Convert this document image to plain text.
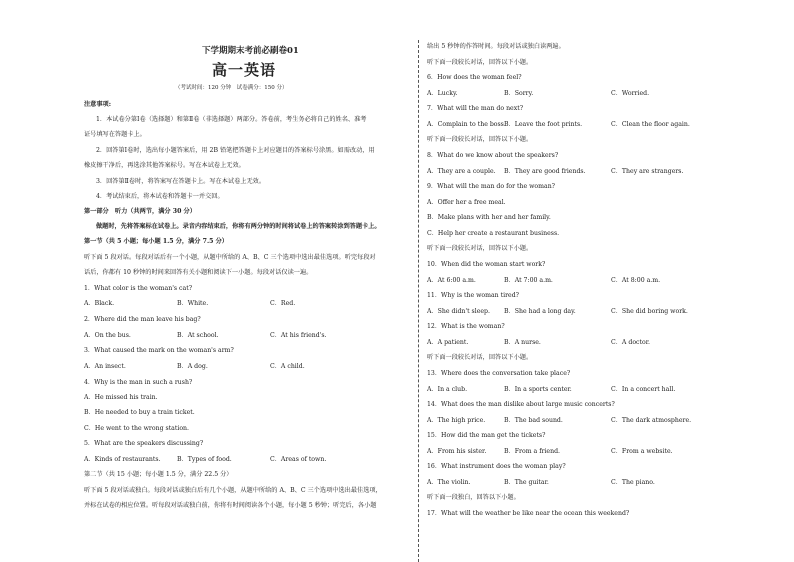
下学期期末考前必刷卷01
高一英语
（考试时间：120 分钟　试卷满分：150 分）
注意事项:
1．本试卷分第Ⅰ卷（选择题）和第Ⅱ卷（非选择题）两部分。答卷前，考生务必将自己的姓名、准考
证号填写在答题卡上。
2．回答第Ⅰ卷时，选出每小题答案后，用 2B 铅笔把答题卡上对应题目的答案标号涂黑。如需改动，用
橡皮擦干净后，再选涂其他答案标号。写在本试卷上无效。
3．回答第Ⅱ卷时，将答案写在答题卡上。写在本试卷上无效。
4．考试结束后，将本试卷和答题卡一并交回。
第一部分　听力（共两节，满分 30 分）
做题时，先将答案标在试卷上。录音内容结束后，你将有两分钟的时间将试卷上的答案转涂到答题卡上。
第一节（共 5 小题；每小题 1.5 分，满分 7.5 分）
听下面 5 段对话。每段对话后有一个小题，从题中所给的 A、B、C 三个选项中选出最佳选项。听完每段对
话后，你都有 10 秒钟的时间来回答有关小题和阅读下一小题。每段对话仅读一遍。
1．What color is the woman's cat?
A．Black.	B．White.	C．Red.
2．Where did the man leave his bag?
A．On the bus.	B．At school.	C．At his friend's.
3．What caused the mark on the woman's arm?
A．An insect.	B．A dog.	C．A child.
4．Why is the man in such a rush?
A．He missed his train.
B．He needed to buy a train ticket.
C．He went to the wrong station.
5．What are the speakers discussing?
A．Kinds of restaurants.	B．Types of food.	C．Areas of town.
第二节（共 15 小题；每小题 1.5 分，满分 22.5 分）
听下面 5 段对话或独白。每段对话或独白后有几个小题，从题中所给的 A、B、C 三个选项中选出最佳选项，
并标在试卷的相应位置。听每段对话或独白前，你将有时间阅读各个小题，每小题 5 秒钟；听完后，各小题
给出 5 秒钟的作答时间。每段对话或独白读两遍。
听下面一段较长对话，回答以下小题。
6．How does the woman feel?
A．Lucky.	B．Sorry.	C．Worried.
7．What will the man do next?
A．Complain to the boss.
B．Leave the foot prints.	C．Clean the floor again.
听下面一段较长对话，回答以下小题。
8．What do we know about the speakers?
A．They are a couple. B．They are good friends.	C．They are strangers.
9．What will the man do for the woman?
A．Offer her a free meal.
B．Make plans with her and her family.
C．Help her create a restaurant business.
听下面一段较长对话，回答以下小题。
10．When did the woman start work?
A．At 6:00 a.m.	B．At 7:00 a.m.	C．At 8:00 a.m.
11．Why is the woman tired?
A．She didn't sleep. B．She had a long day.	C．She did boring work.
12．What is the woman?
A．A patient.	B．A nurse.	C．A doctor.
听下面一段较长对话，回答以下小题。
13．Where does the conversation take place?
A．In a club.	B．In a sports center.	C．In a concert hall.
14．What does the man dislike about large music concerts?
A．The high price.	B．The bad sound.	C．The dark atmosphere.
15．How did the man get the tickets?
A．From his sister.	B．From a friend.	C．From a website.
16．What instrument does the woman play?
A．The violin.	B．The guitar.	C．The piano.
听下面一段独白，回答以下小题。
17．What will the weather be like near the ocean this weekend?
